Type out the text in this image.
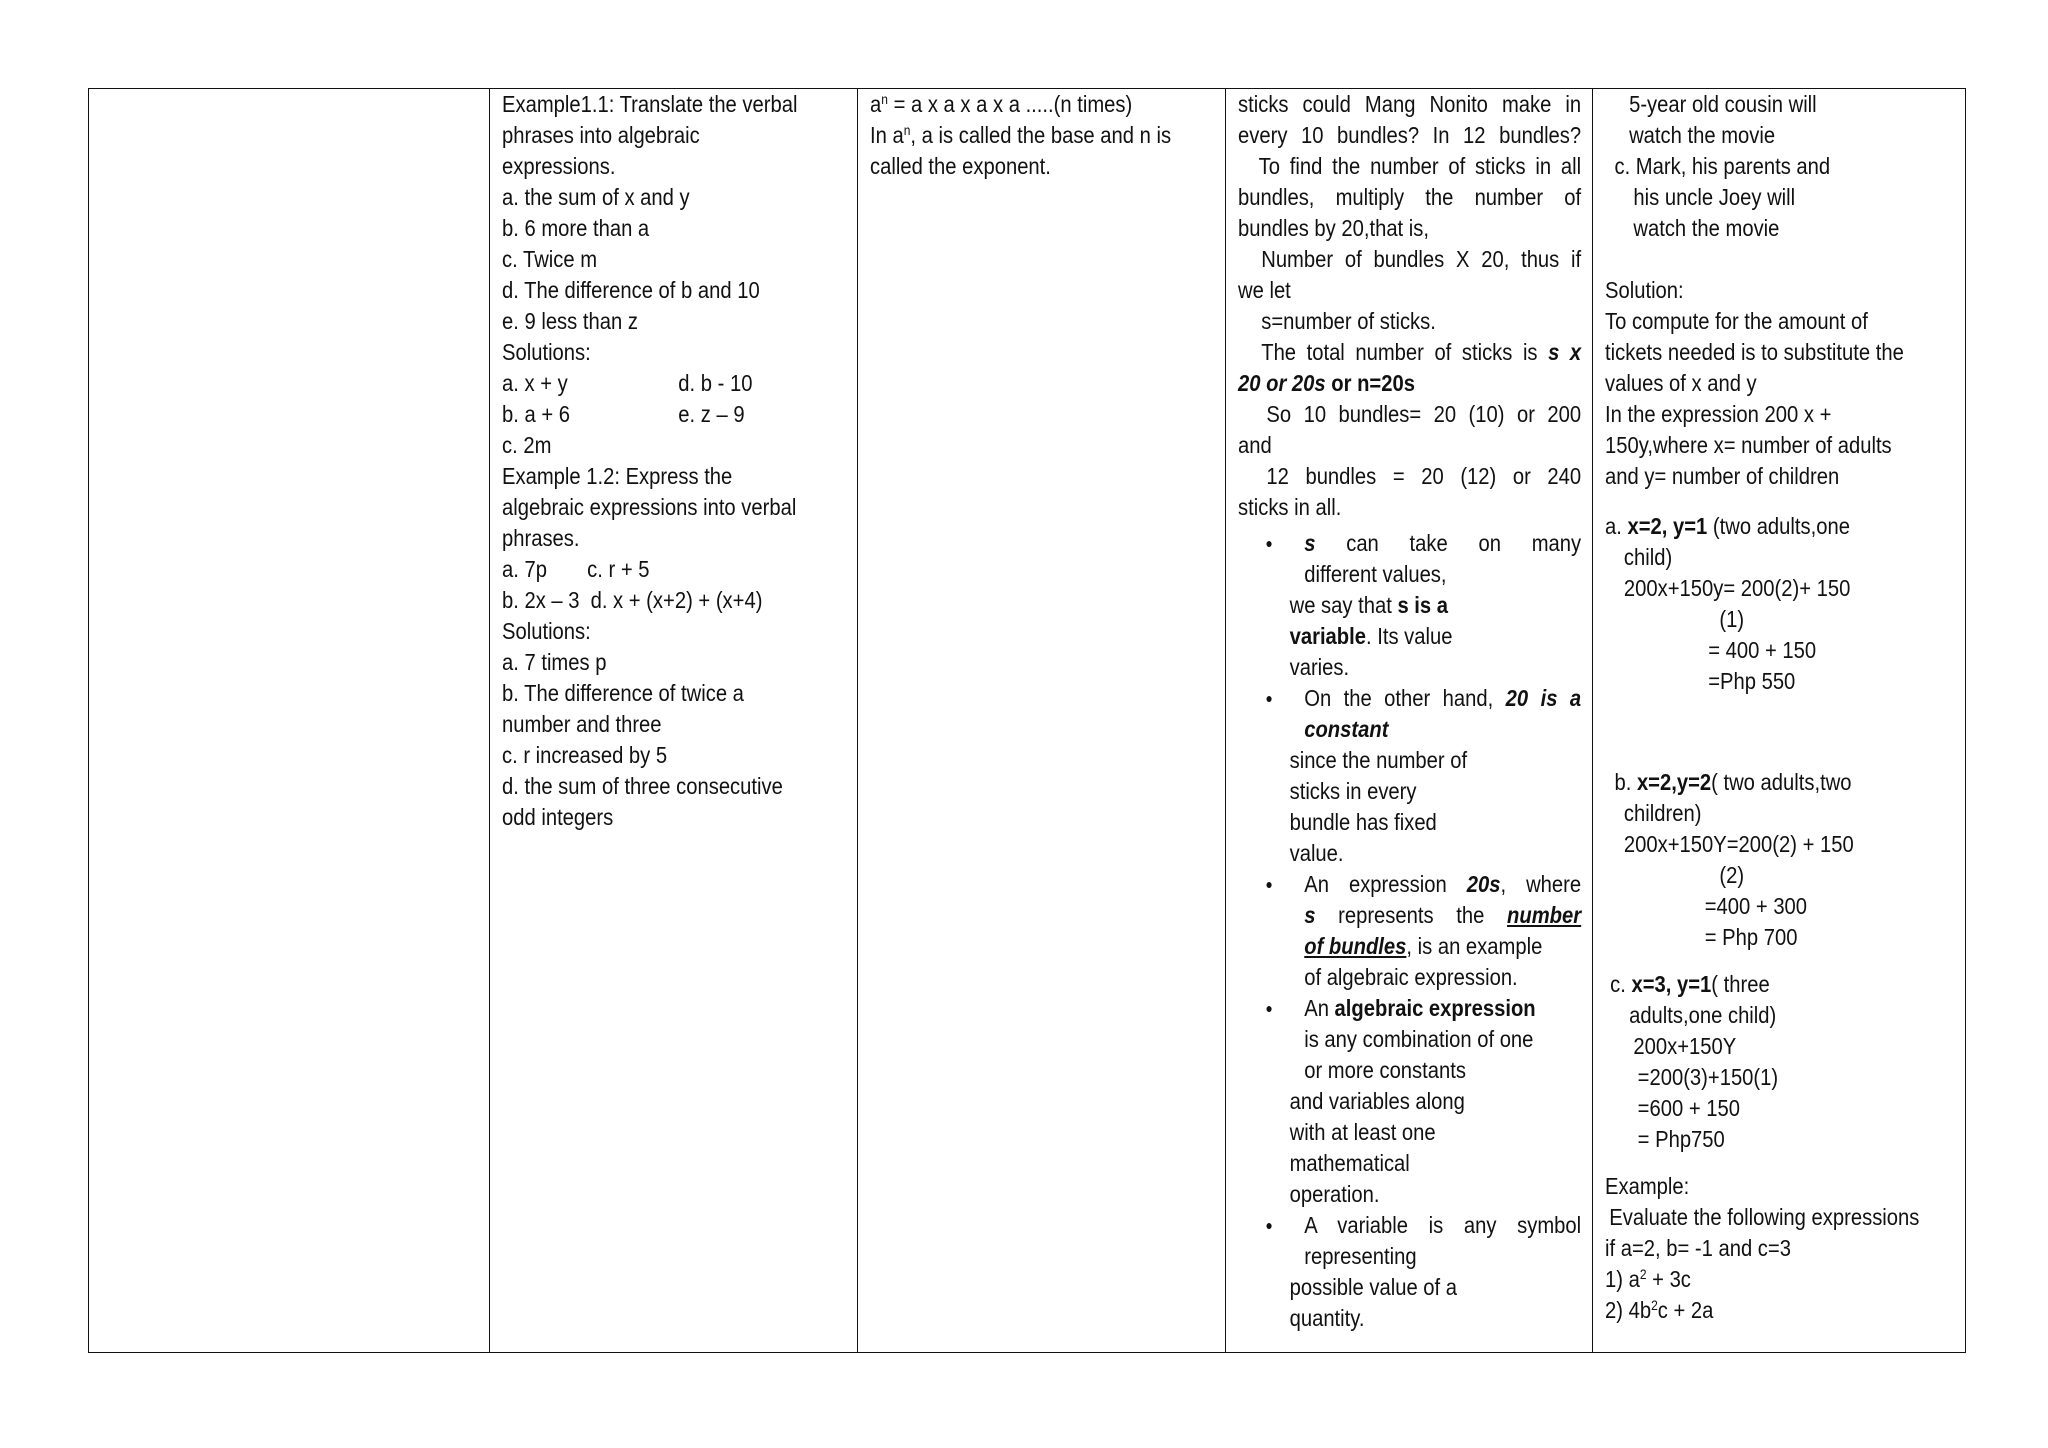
Example1.1: Translate the verbal
phrases into algebraic
expressions.
a. the sum of x and y
b. 6 more than a
c. Twice m
d. The difference of b and 10
e. 9 less than z
Solutions:
a. x + y	d. b - 10
b. a + 6	e. z – 9
c. 2m
Example 1.2: Express the
algebraic expressions into verbal
phrases.
a. 7p c. r + 5
b. 2x – 3 d. x + (x+2) + (x+4)
Solutions:
a. 7 times p
b. The difference of twice a
number and three
c. r increased by 5
d. the sum of three consecutive
odd integers
$a^n = a$ x a x a x a .....(n times)
In $a^n$, a is called the base and n is
called the exponent.
sticks could Mang Nonito make in
every 10 bundles? In 12 bundles?
To find the number of sticks in all
bundles, multiply the number of
bundles by 20,that is,
Number of bundles X 20, thus if
we let
s=number of sticks.
The total number of sticks is s x
20 or 20s or n=20s
So 10 bundles= 20 (10) or 200
and
12 bundles = 20 (12) or 240
sticks in all.
● s can take on many
different values,
we say that s is a
variable. Its value
varies.
● On the other hand, 20 is a
constant
since the number of
sticks in every
bundle has fixed
value.
● An expression 20s, where
s represents the number
of bundles, is an example
of algebraic expression.
● An algebraic expression
is any combination of one
or more constants
and variables along
with at least one
mathematical
operation.
● A variable is any symbol
representing
possible value of a
quantity.
5-year old cousin will
watch the movie
c. Mark, his parents and
his uncle Joey will
watch the movie
Solution:
To compute for the amount of
tickets needed is to substitute the
values of x and y
In the expression 200 x +
150y,where x= number of adults
and y= number of children
a. x=2, y=1 (two adults,one
child)
200x+150y= 200(2)+ 150
(1)
= 400 + 150
=Php 550
b. x=2,y=2( two adults,two
children)
200x+150Y=200(2) + 150
(2)
=400 + 300
= Php 700
c. x=3, y=1( three
adults,one child)
200x+150Y
=200(3)+150(1)
=600 + 150
= Php750
Example:
Evaluate the following expressions
if a=2, b= -1 and c=3
1) $a^2 + 3c$
2) $4b^2c + 2a$
